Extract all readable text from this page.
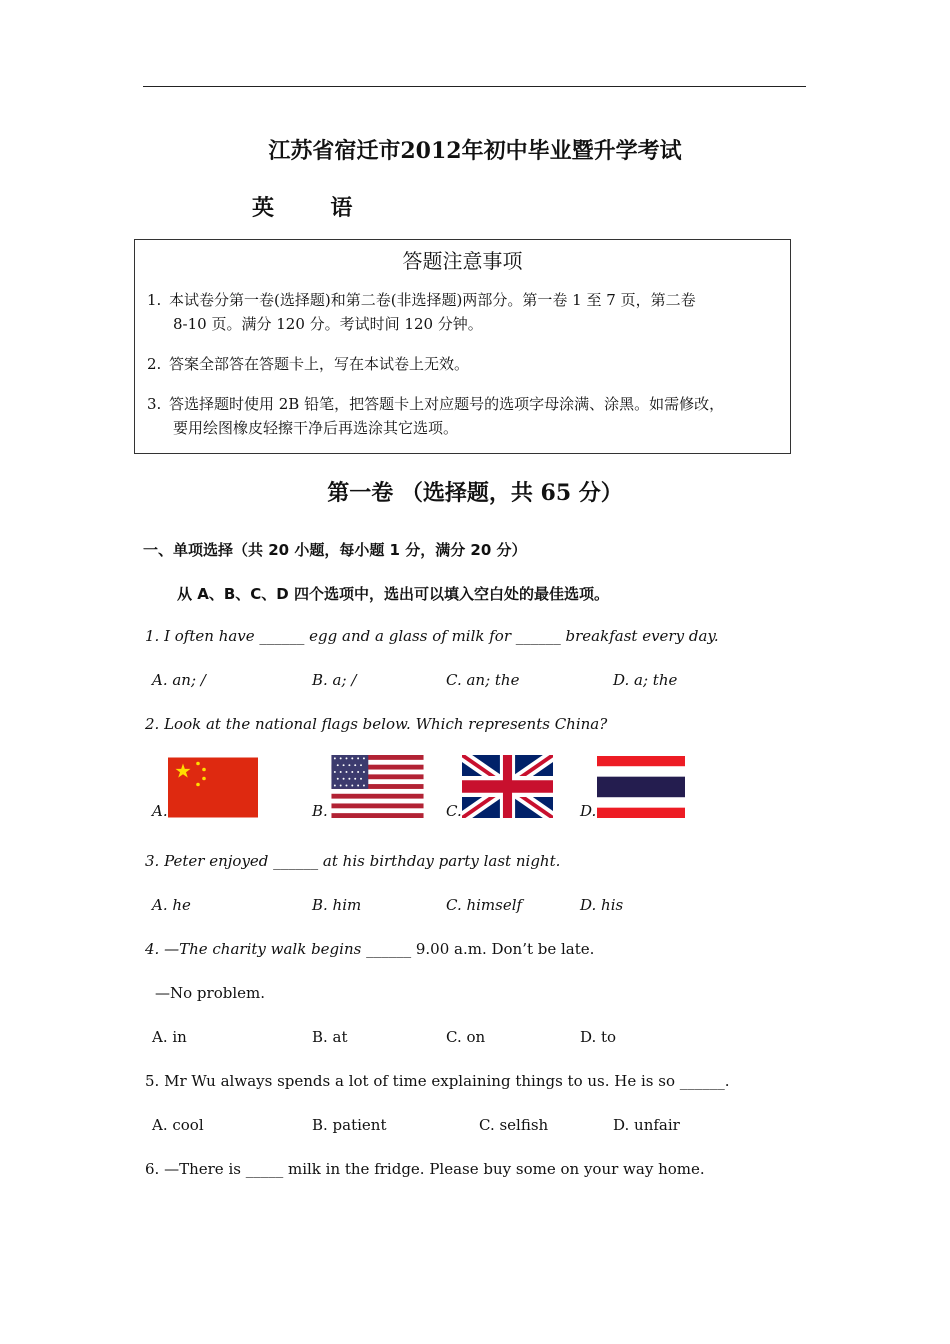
江苏省宿迁市2012年初中毕业暨升学考试
英	语
答题注意事项
1. 本试卷分第一卷(选择题)和第二卷(非选择题)两部分。第一卷 1 至 7 页，第二卷
8-10 页。满分 120 分。考试时间 120 分钟。
2. 答案全部答在答题卡上，写在本试卷上无效。
3. 答选择题时使用 2B 铅笔，把答题卡上对应题号的选项字母涂满、涂黑。如需修改，
要用绘图橡皮轻擦干净后再选涂其它选项。
第一卷 （选择题，共 65 分）
一、单项选择（共 20 小题，每小题 1 分，满分 20 分）
从 A、B、C、D 四个选项中，选出可以填入空白处的最佳选项。
1. I often have ______ egg and a glass of milk for ______ breakfast every day.
A. an; /	B. a; /	C. an; the	D. a; the
2. Look at the national flags below. Which represents China?
A.	B.	C.	D.
3. Peter enjoyed ______ at his birthday party last night.
A. he	B. him	C. himself	D. his
4. —The charity walk begins ______ 9.00 a.m. Don’t be late.
—No problem.
A. in	B. at	C. on	D. to
5. Mr Wu always spends a lot of time explaining things to us. He is so ______.
A. cool	B. patient	C. selfish	D. unfair
6. —There is _____ milk in the fridge. Please buy some on your way home.
